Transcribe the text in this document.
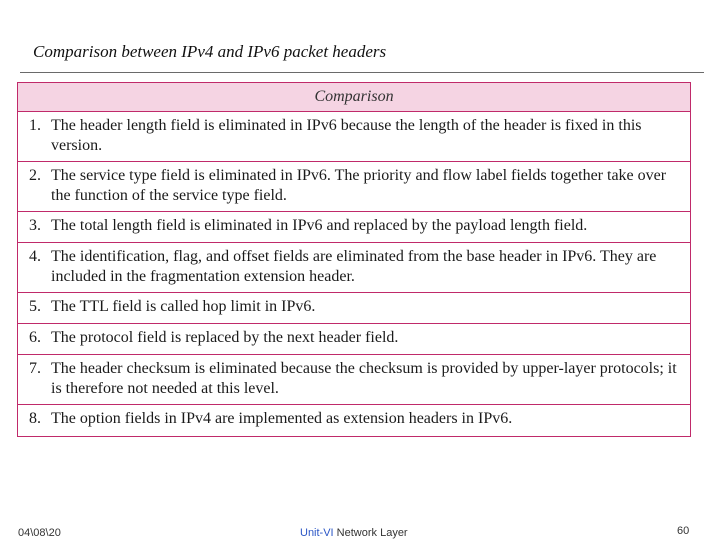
Comparison between IPv4 and IPv6 packet headers
Comparison
1. The header length field is eliminated in IPv6 because the length of the header is fixed in this version.
2. The service type field is eliminated in IPv6. The priority and flow label fields together take over the function of the service type field.
3. The total length field is eliminated in IPv6 and replaced by the payload length field.
4. The identification, flag, and offset fields are eliminated from the base header in IPv6. They are included in the fragmentation extension header.
5. The TTL field is called hop limit in IPv6.
6. The protocol field is replaced by the next header field.
7. The header checksum is eliminated because the checksum is provided by upper-layer protocols; it is therefore not needed at this level.
8. The option fields in IPv4 are implemented as extension headers in IPv6.
04\08\20	Unit-VI Network Layer	60
